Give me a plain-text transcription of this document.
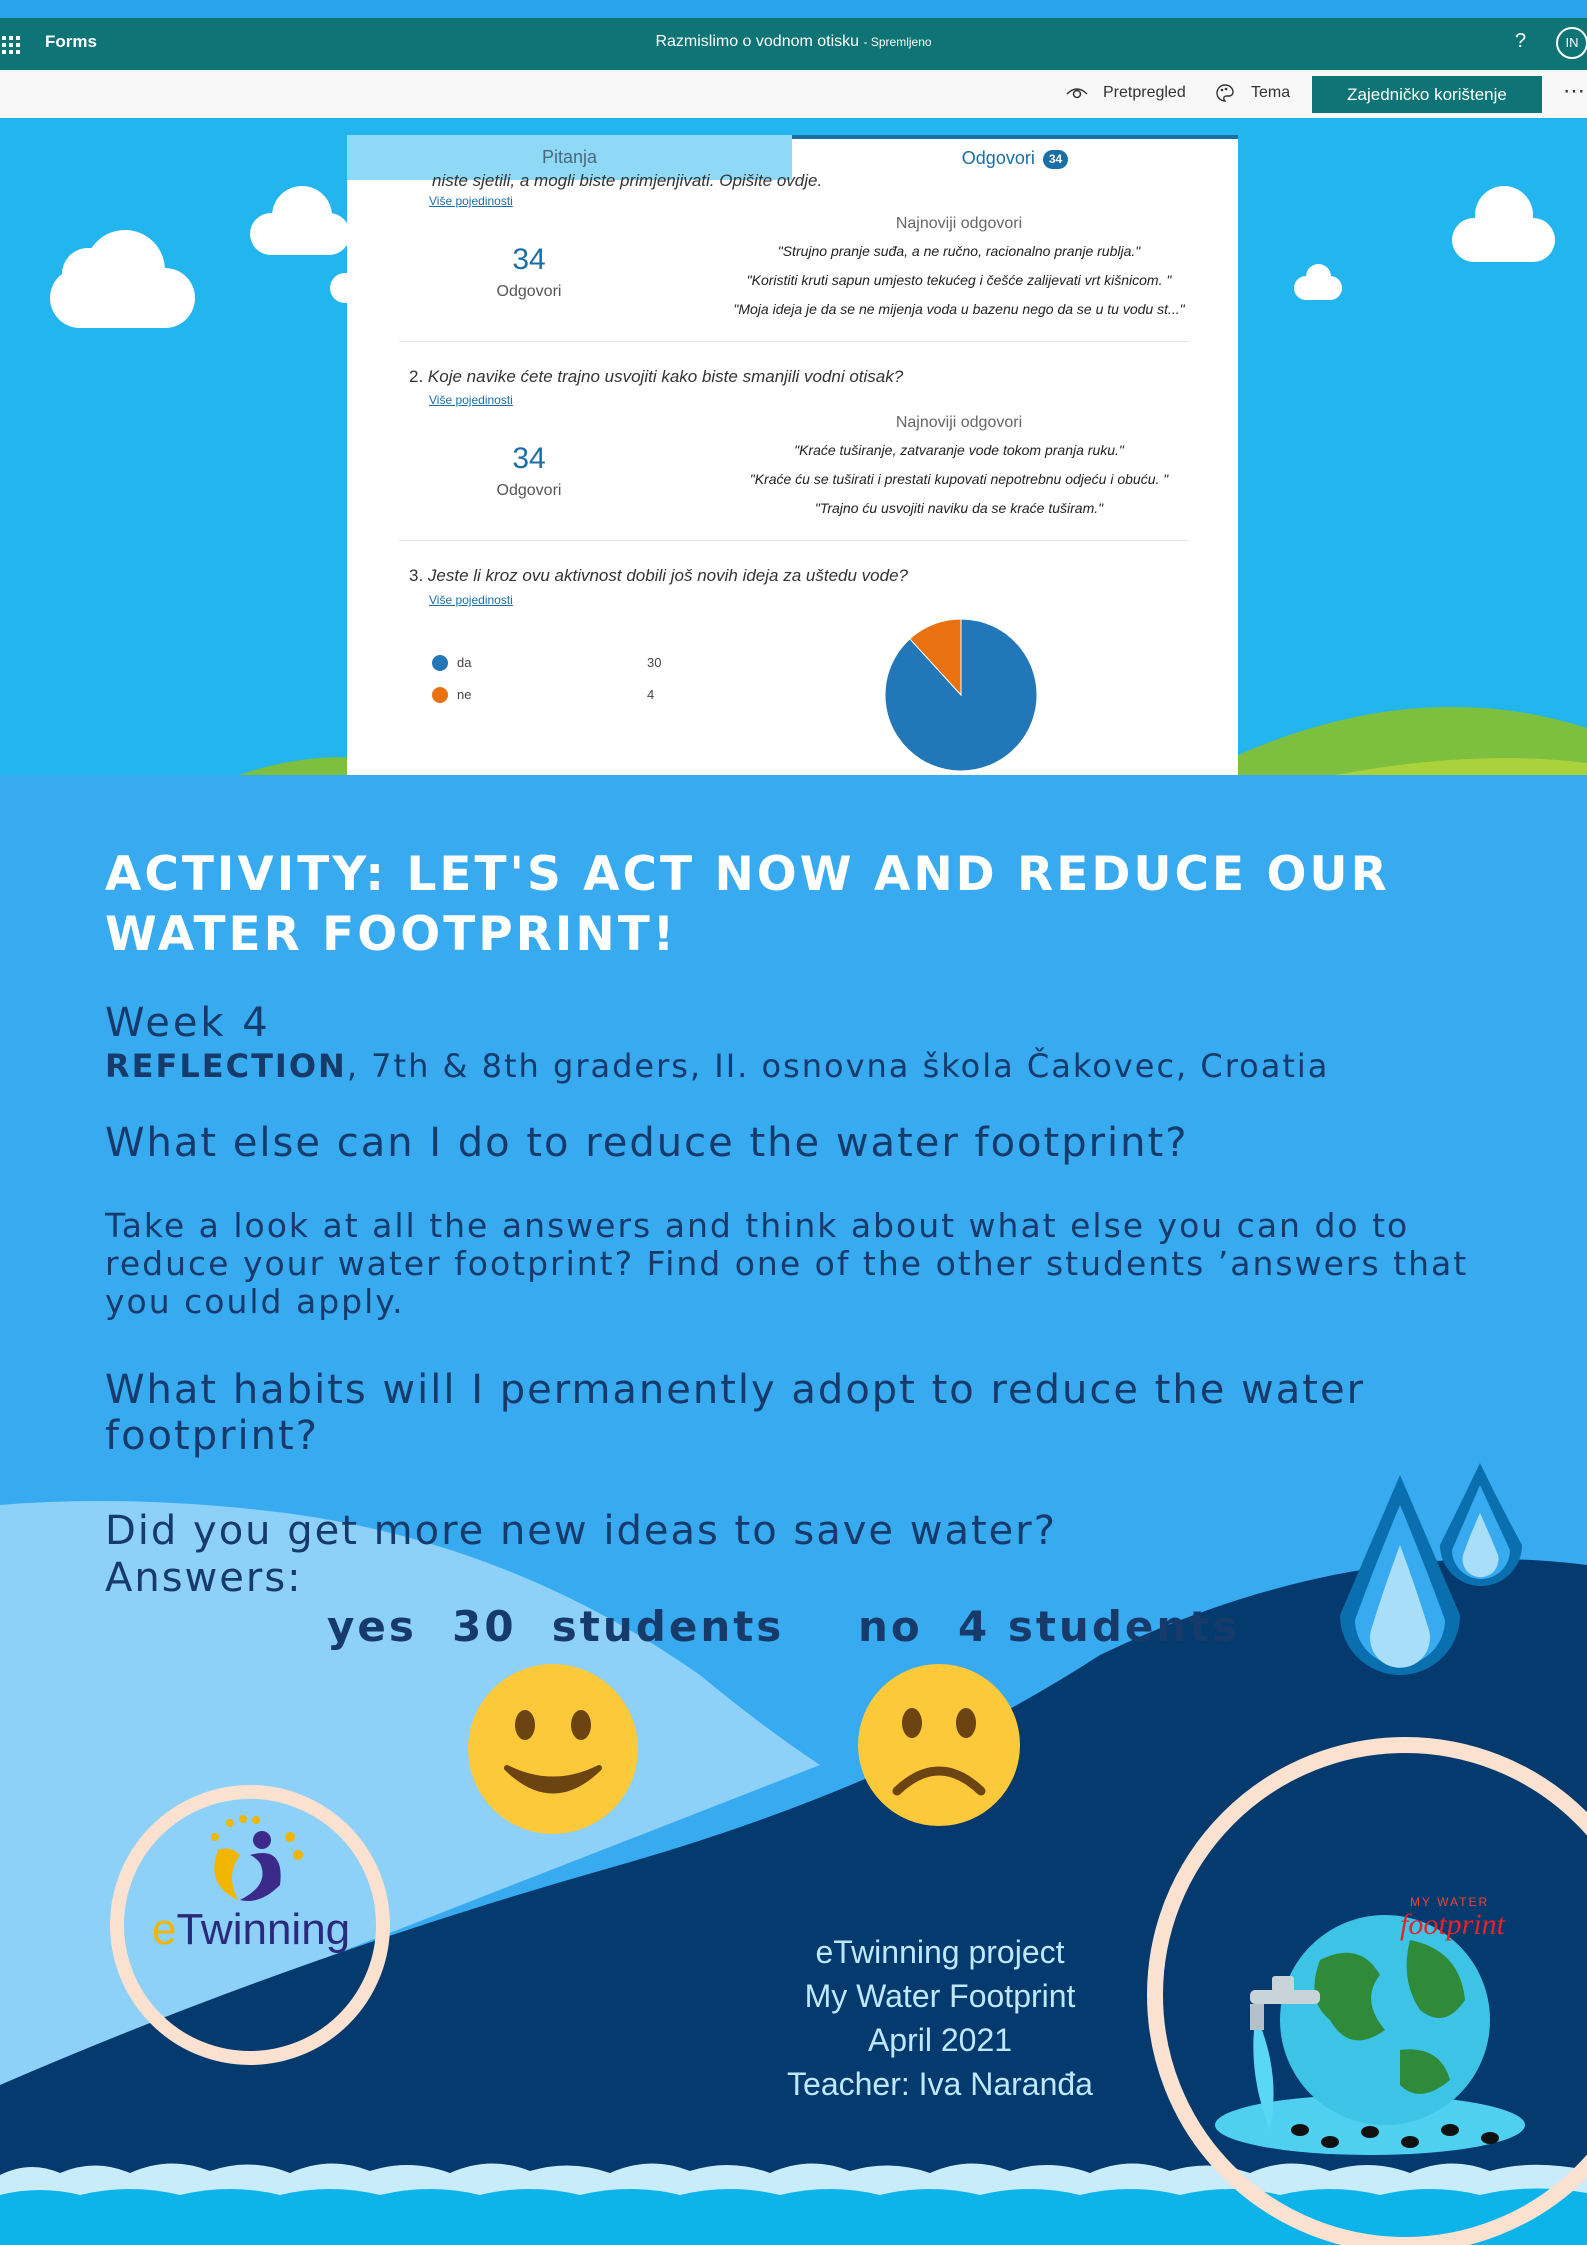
Forms	Razmislimo o vodnom otisku - Spremljeno	?	IN
Pretpregled	Tema	Zajedničko korištenje	⋯
Pitanja	Odgovori 34
niste sjetili, a mogli biste primjenjivati. Opišite ovdje.
Više pojedinosti
34
Odgovori
Najnoviji odgovori
"Strujno pranje suđa, a ne ručno, racionalno pranje rublja."
"Koristiti kruti sapun umjesto tekućeg i češće zalijevati vrt kišnicom. "
"Moja ideja je da se ne mijenja voda u bazenu nego da se u tu vodu st..."
2. Koje navike ćete trajno usvojiti kako biste smanjili vodni otisak?
Više pojedinosti
34
Odgovori
Najnoviji odgovori
"Kraće tuširanje, zatvaranje vode tokom pranja ruku."
"Kraće ću se tuširati i prestati kupovati nepotrebnu odjeću i obuću. "
"Trajno ću usvojiti naviku da se kraće tuširam."
3. Jeste li kroz ovu aktivnost dobili još novih ideja za uštedu vode?
Više pojedinosti
da	30
ne	4
ACTIVITY: LET'S ACT NOW AND REDUCE OUR WATER FOOTPRINT!
Week 4
REFLECTION, 7th & 8th graders, II. osnovna škola Čakovec, Croatia
What else can I do to reduce the water footprint?
Take a look at all the answers and think about what else you can do to reduce your water footprint? Find one of the other students ’answers that you could apply.
What habits will I permanently adopt to reduce the water footprint?
Did you get more new ideas to save water?
Answers:
yes  30  students no  4 students
eTwinning
MY WATER
footprint
eTwinning project
My Water Footprint
April 2021
Teacher: Iva Naranđa
